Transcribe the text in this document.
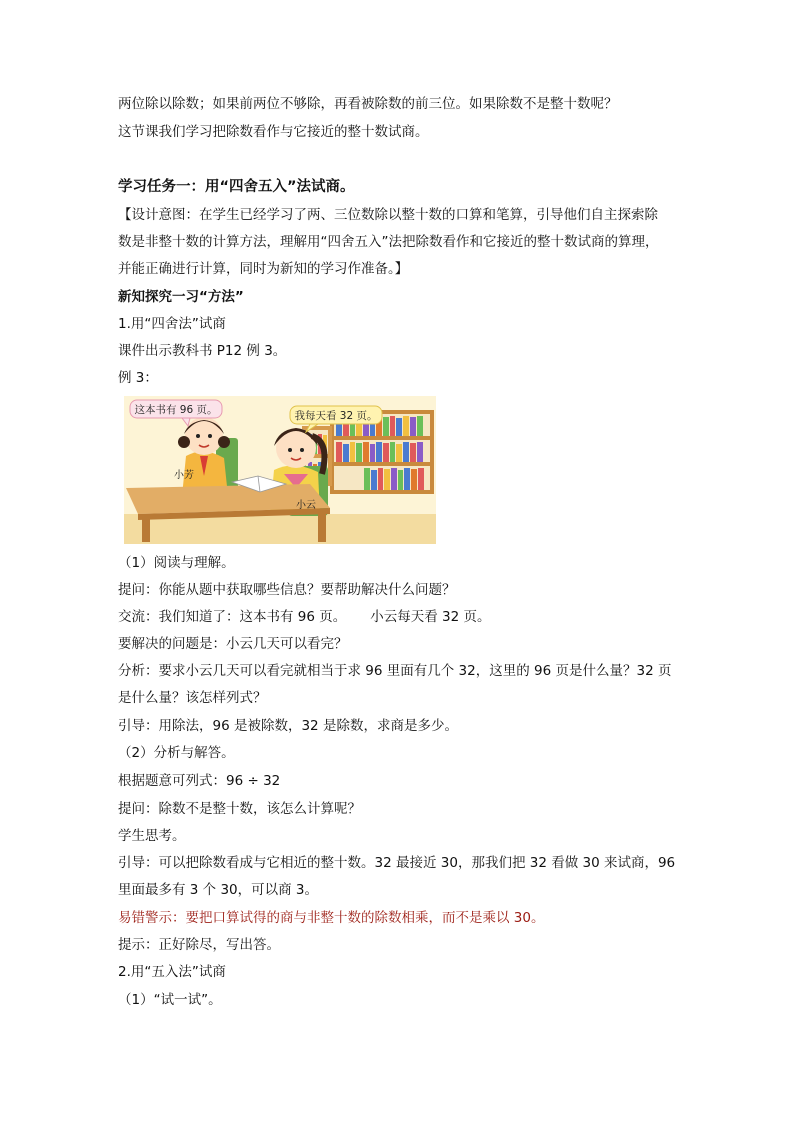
两位除以除数；如果前两位不够除，再看被除数的前三位。如果除数不是整十数呢？
这节课我们学习把除数看作与它接近的整十数试商。
学习任务一：用“四舍五入”法试商。
【设计意图：在学生已经学习了两、三位数除以整十数的口算和笔算，引导他们自主探索除
数是非整十数的计算方法，理解用“四舍五入”法把除数看作和它接近的整十数试商的算理，
并能正确进行计算，同时为新知的学习作准备。】
新知探究一习“方法”
1.用“四舍法”试商
课件出示教科书 P12 例 3。
例 3：
这本书有 96 页。	我每天看 32 页。
小芳
小云
（1）阅读与理解。
提问：你能从题中获取哪些信息？要帮助解决什么问题？
交流：我们知道了：这本书有 96 页。 小云每天看 32 页。
要解决的问题是：小云几天可以看完？
分析：要求小云几天可以看完就相当于求 96 里面有几个 32，这里的 96 页是什么量？32 页
是什么量？该怎样列式？
引导：用除法，96 是被除数，32 是除数，求商是多少。
（2）分析与解答。
根据题意可列式：96 ÷ 32
提问：除数不是整十数，该怎么计算呢？
学生思考。
引导：可以把除数看成与它相近的整十数。32 最接近 30，那我们把 32 看做 30 来试商，96
里面最多有 3 个 30，可以商 3。
易错警示：要把口算试得的商与非整十数的除数相乘，而不是乘以 30。
提示：正好除尽，写出答。
2.用“五入法”试商
（1）“试一试”。
